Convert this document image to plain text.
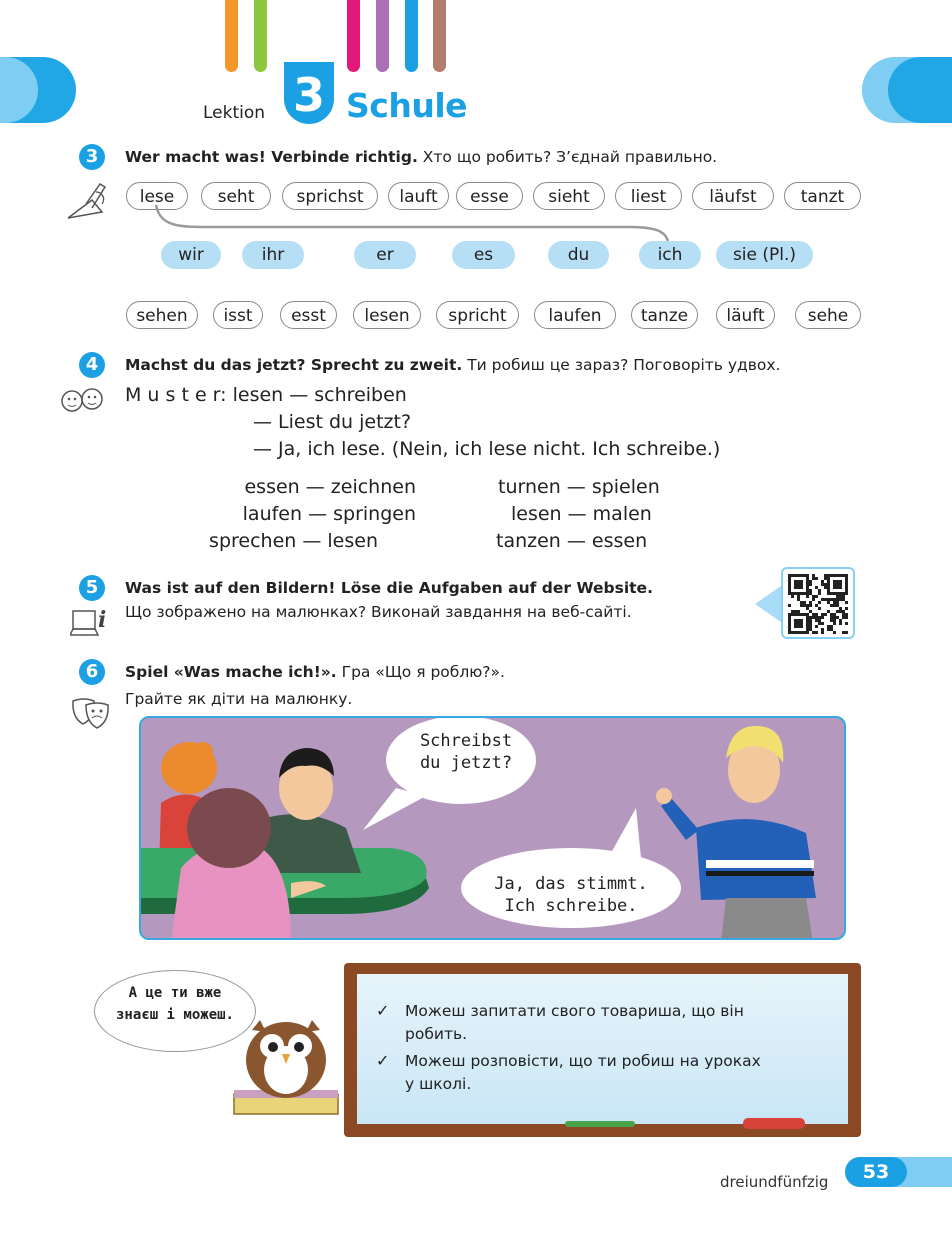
Lektion 3 Schule
3	Wer macht was! Verbinde richtig. Хто що робить? З’єднай правильно.
lese	seht	sprichst	lauft	esse	sieht	liest	läufst	tanzt
wir	ihr	er	es	du	ich	sie (Pl.)
sehen	isst	esst	lesen	spricht	laufen	tanze	läuft	sehe
4	Machst du das jetzt? Sprecht zu zweit. Ти робиш це зараз? Поговоріть удвох.
M u s t e r: lesen — schreiben
— Liest du jetzt?
— Ja, ich lese. (Nein, ich lese nicht. Ich schreibe.)
essen — zeichnen
laufen — springen
sprechen — lesen
turnen — spielen
lesen — malen
tanzen — essen
5	Was ist auf den Bildern! Löse die Aufgaben auf der Website.
Що зображено на малюнках? Виконай завдання на веб-сайті.
i
6	Spiel «Was mache ich!». Гра «Що я роблю?».
Грайте як діти на малюнку.
Schreibst
du jetzt?
Ja, das stimmt.
Ich schreibe.
А це ти вже
знаєш і можеш.	✓ Можеш запитати свого товариша, що він
робить.
✓ Можеш розповісти, що ти робиш на уроках
у школі.
dreiundfünfzig	53
